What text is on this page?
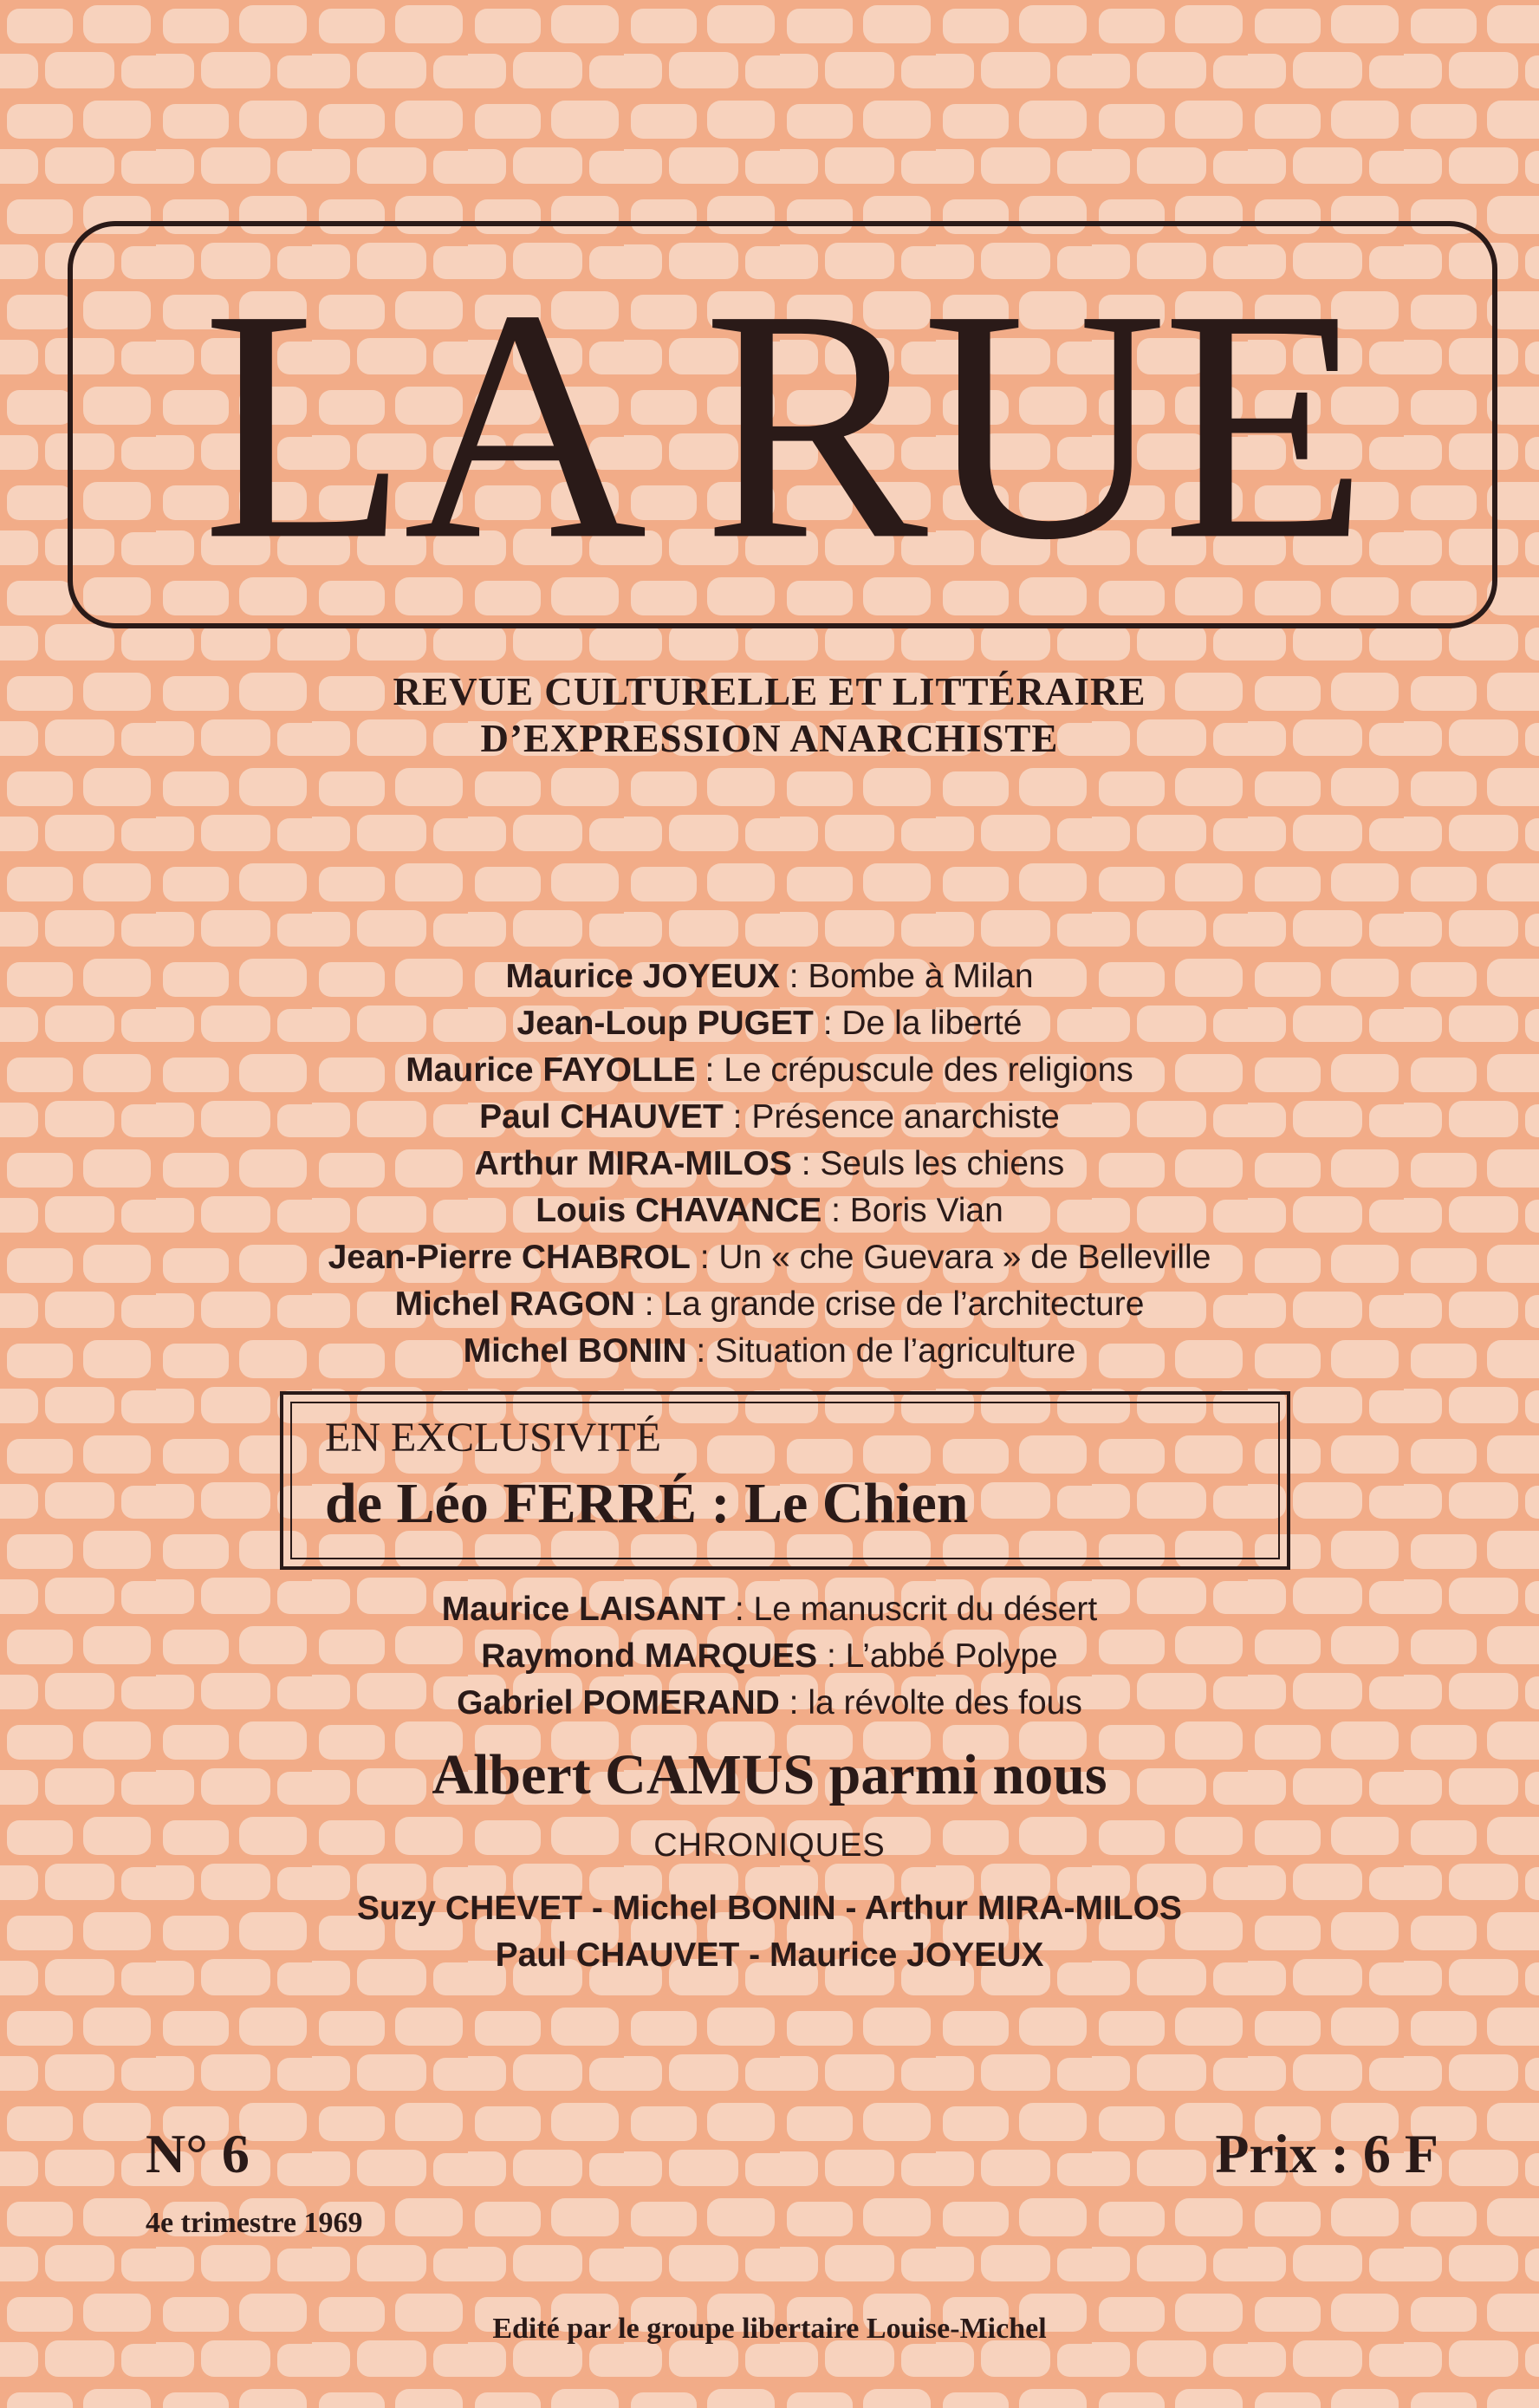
LA RUE
REVUE CULTURELLE ET LITTÉRAIRE
D’EXPRESSION ANARCHISTE
Maurice JOYEUX : Bombe à Milan
Jean-Loup PUGET : De la liberté
Maurice FAYOLLE : Le crépuscule des religions
Paul CHAUVET : Présence anarchiste
Arthur MIRA-MILOS : Seuls les chiens
Louis CHAVANCE : Boris Vian
Jean-Pierre CHABROL : Un « che Guevara » de Belleville
Michel RAGON : La grande crise de l’architecture
Michel BONIN : Situation de l’agriculture
EN EXCLUSIVITÉ
de Léo FERRÉ : Le Chien
Maurice LAISANT : Le manuscrit du désert
Raymond MARQUES : L’abbé Polype
Gabriel POMERAND : la révolte des fous
Albert CAMUS parmi nous
CHRONIQUES
Suzy CHEVET - Michel BONIN - Arthur MIRA-MILOS
Paul CHAUVET - Maurice JOYEUX
N° 6
4e trimestre 1969
Prix : 6 F
Edité par le groupe libertaire Louise-Michel
